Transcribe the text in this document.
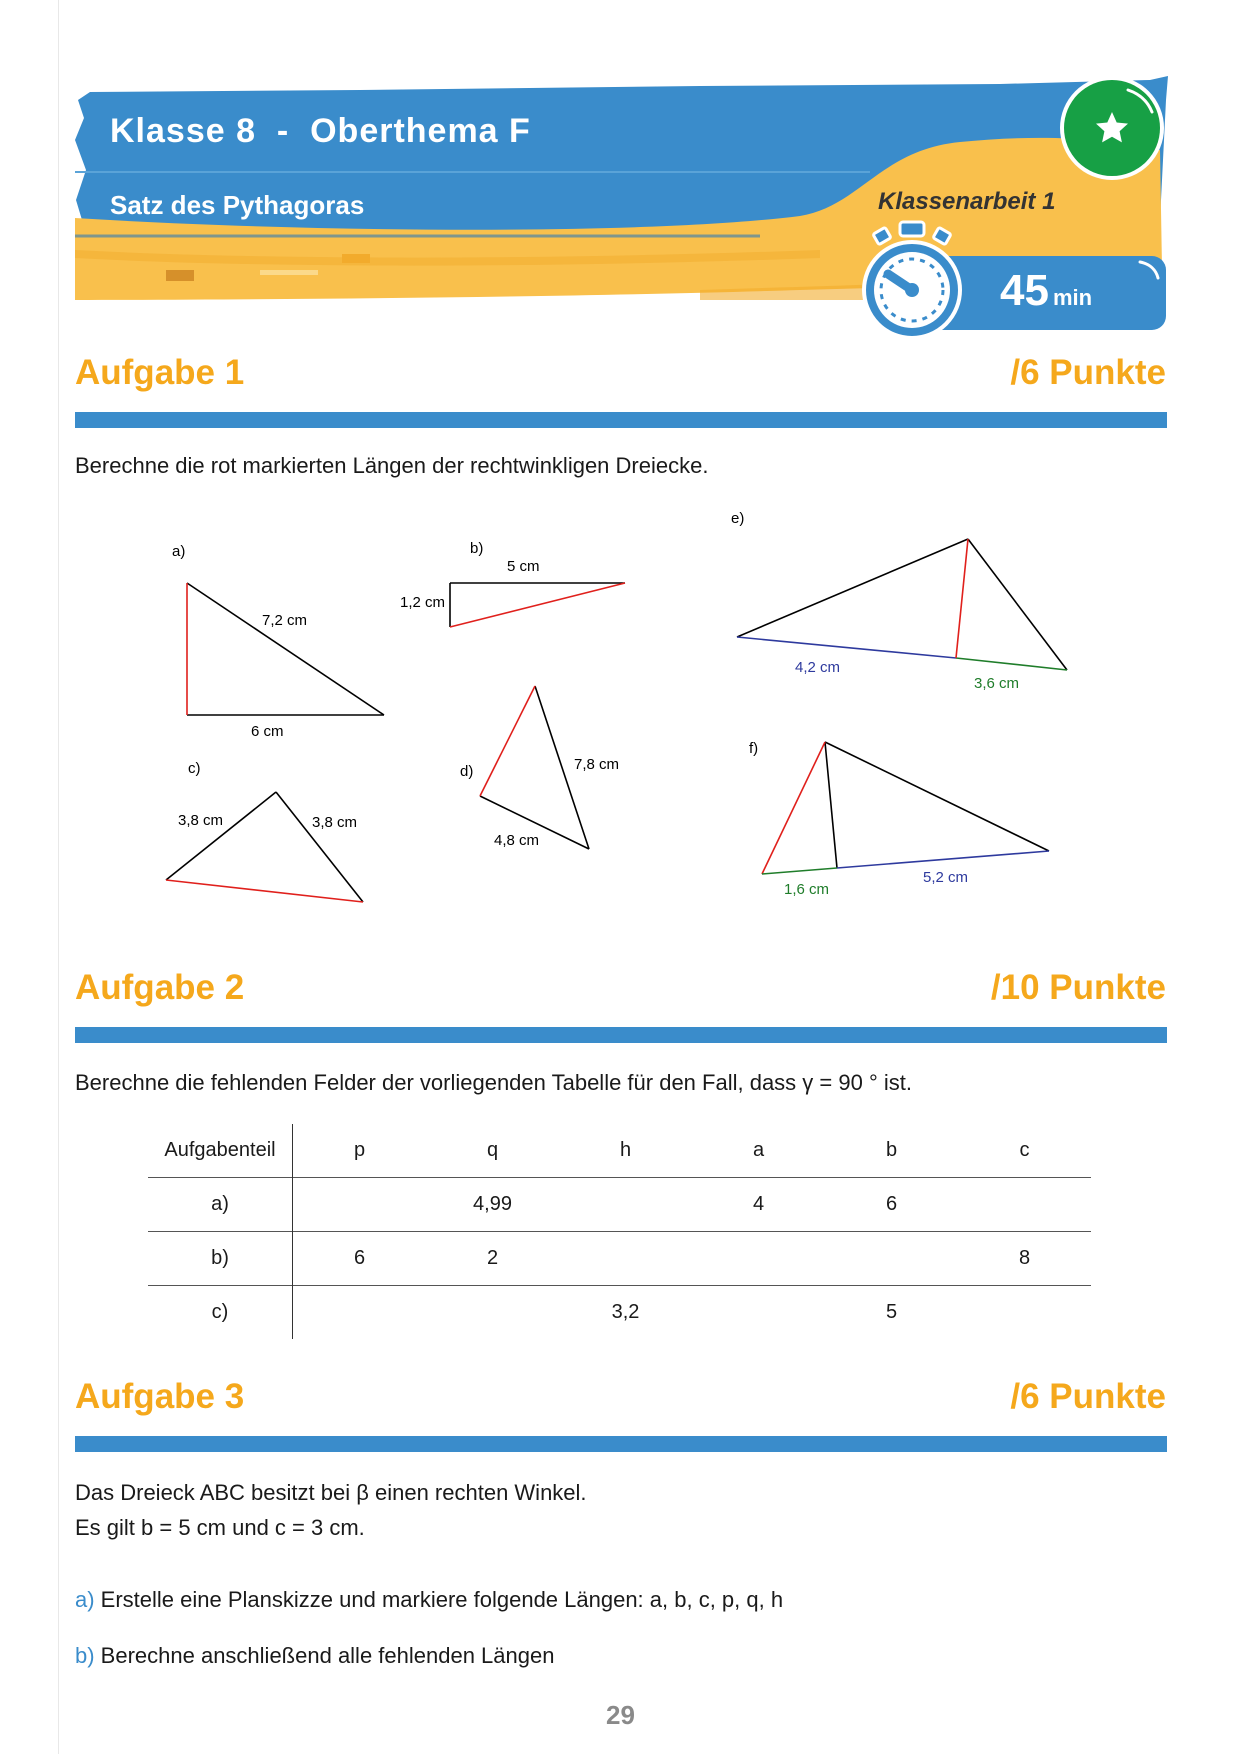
Klasse 8  -  Oberthema F
Satz des Pythagoras	Klassenarbeit 1
45 min
Aufgabe 1	/6 Punkte
Berechne die rot markierten Längen der rechtwinkligen Dreiecke.
a)
7,2 cm
6 cm
b)
5 cm
1,2 cm
c)
3,8 cm	3,8 cm
d)	7,8 cm
4,8 cm
e)
4,2 cm
3,6 cm
f)
1,6 cm
5,2 cm
Aufgabe 2	/10 Punkte
Berechne die fehlenden Felder der vorliegenden Tabelle für den Fall, dass γ = 90 ° ist.
Aufgabenteil	p	q	h	a	b	c
a)		4,99		4	6	
b)	6	2				8
c)			3,2		5	
Aufgabe 3	/6 Punkte
Das Dreieck ABC besitzt bei β einen rechten Winkel.
Es gilt b = 5 cm und c = 3 cm.
a) Erstelle eine Planskizze und markiere folgende Längen: a, b, c, p, q, h
b) Berechne anschließend alle fehlenden Längen
29
